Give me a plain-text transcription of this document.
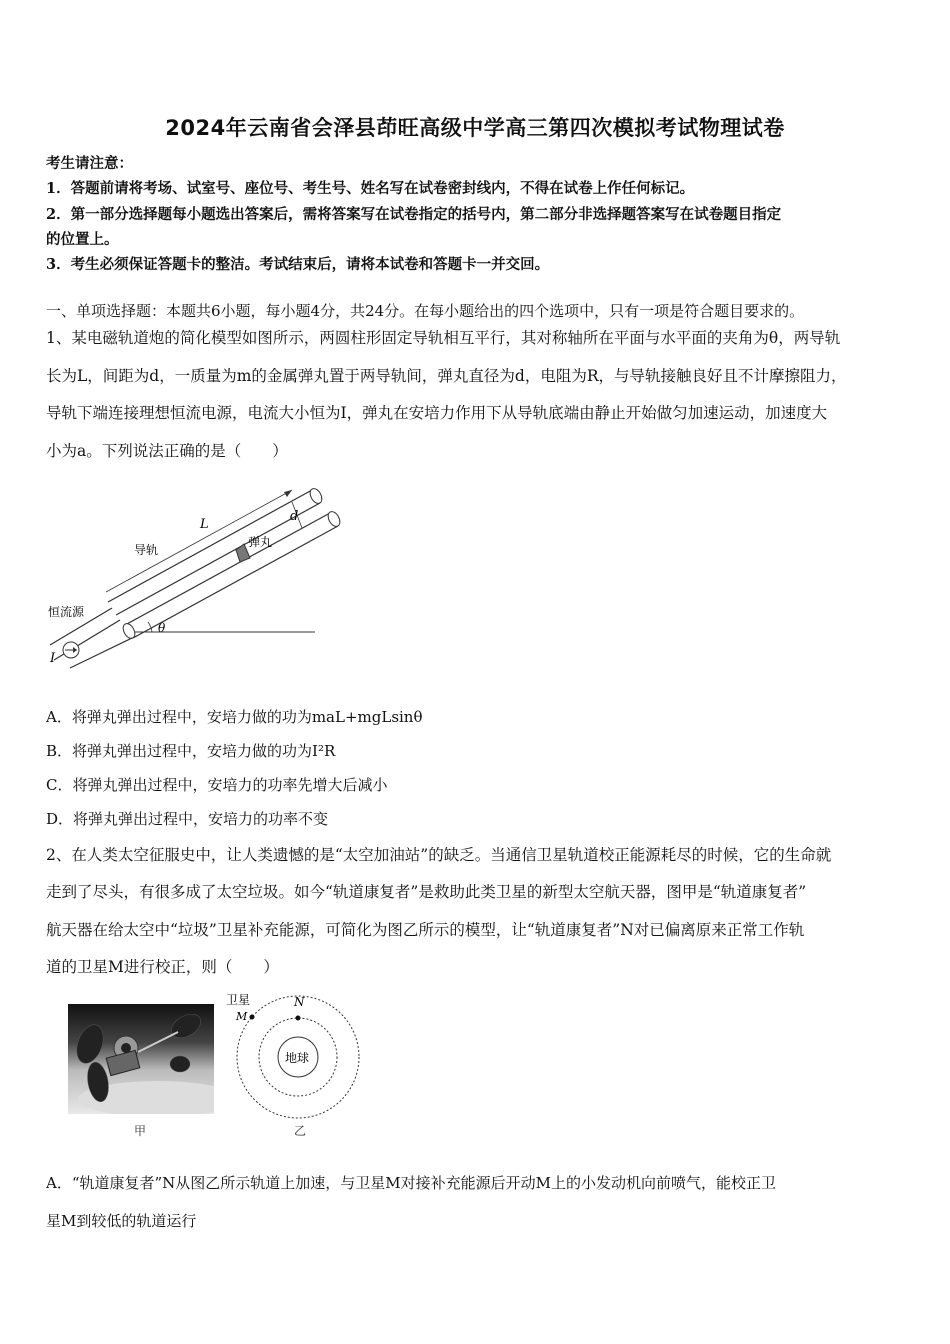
2024年云南省会泽县茚旺高级中学高三第四次模拟考试物理试卷
考生请注意：
1．答题前请将考场、试室号、座位号、考生号、姓名写在试卷密封线内，不得在试卷上作任何标记。
2．第一部分选择题每小题选出答案后，需将答案写在试卷指定的括号内，第二部分非选择题答案写在试卷题目指定
的位置上。
3．考生必须保证答题卡的整洁。考试结束后，请将本试卷和答题卡一并交回。
一、单项选择题：本题共6小题，每小题4分，共24分。在每小题给出的四个选项中，只有一项是符合题目要求的。
1、某电磁轨道炮的简化模型如图所示，两圆柱形固定导轨相互平行，其对称轴所在平面与水平面的夹角为θ，两导轨
长为L，间距为d，一质量为m的金属弹丸置于两导轨间，弹丸直径为d，电阻为R，与导轨接触良好且不计摩擦阻力，
导轨下端连接理想恒流电源，电流大小恒为I，弹丸在安培力作用下从导轨底端由静止开始做匀加速运动，加速度大
小为a。下列说法正确的是（　　）
L
d
导轨
弹丸
恒流源
θ
I
A．将弹丸弹出过程中，安培力做的功为maL+mgLsinθ
B．将弹丸弹出过程中，安培力做的功为I²R
C．将弹丸弹出过程中，安培力的功率先增大后减小
D．将弹丸弹出过程中，安培力的功率不变
2、在人类太空征服史中，让人类遗憾的是“太空加油站”的缺乏。当通信卫星轨道校正能源耗尽的时候，它的生命就
走到了尽头，有很多成了太空垃圾。如今“轨道康复者”是救助此类卫星的新型太空航天器，图甲是“轨道康复者”
航天器在给太空中“垃圾”卫星补充能源，可简化为图乙所示的模型，让“轨道康复者”N对已偏离原来正常工作轨
道的卫星M进行校正，则（　　）
甲
卫星
M
N
地球
乙
A．“轨道康复者”N从图乙所示轨道上加速，与卫星M对接补充能源后开动M上的小发动机向前喷气，能校正卫
星M到较低的轨道运行
